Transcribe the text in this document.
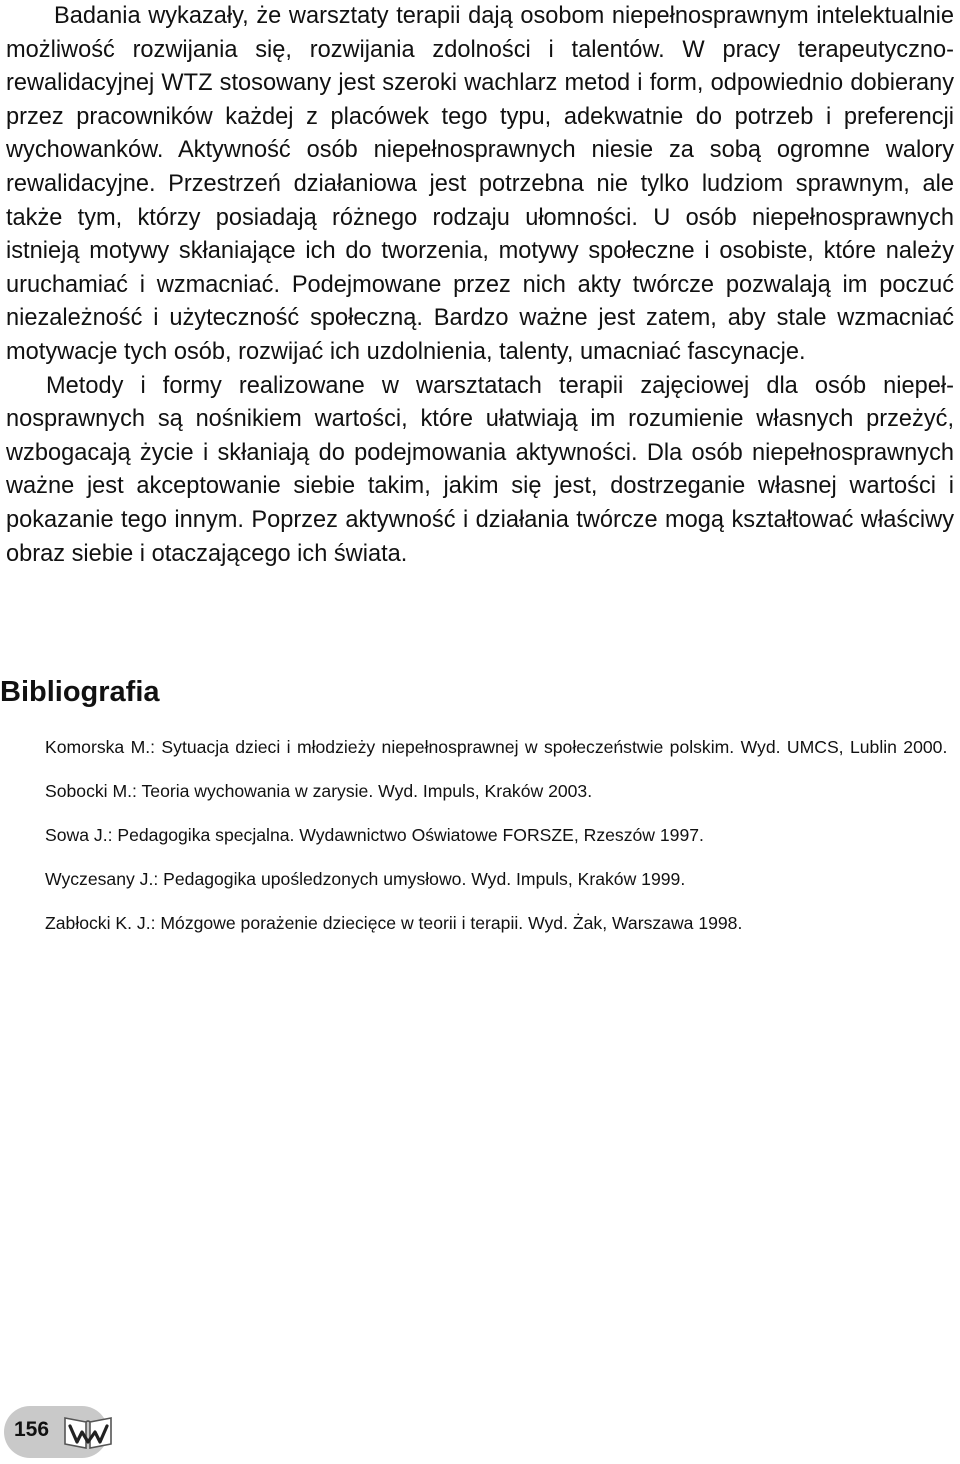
Badania wykazały, że warsztaty terapii dają osobom niepełnosprawnym intelektualnie możliwość rozwijania się, rozwijania zdolności i talentów. W pracy terapeutyczno-rewalidacyjnej WTZ stosowany jest szeroki wachlarz metod i form, odpowiednio dobierany przez pracowników każdej z placówek tego typu, adekwatnie do potrzeb i preferencji wychowanków. Aktywność osób niepełnosprawnych niesie za sobą ogromne walory rewalidacyjne. Przestrzeń działaniowa jest potrzebna nie tylko ludziom sprawnym, ale także tym, którzy posiadają różnego rodzaju ułomności. U osób niepełnosprawnych istnieją motywy skłaniające ich do tworzenia, motywy społeczne i osobiste, które należy uruchamiać i wzmacniać. Podejmowane przez nich akty twórcze pozwalają im poczuć niezależność i użyteczność społeczną. Bardzo ważne jest zatem, aby stale wzmacniać motywacje tych osób, rozwijać ich uzdolnienia, talenty, umacniać fascynacje.

Metody i formy realizowane w warsztatach terapii zajęciowej dla osób niepełnosprawnych są nośnikiem wartości, które ułatwiają im rozumienie własnych przeżyć, wzbogacają życie i skłaniają do podejmowania aktywności. Dla osób niepełnosprawnych ważne jest akceptowanie siebie takim, jakim się jest, dostrzeganie własnej wartości i pokazanie tego innym. Poprzez aktywność i działania twórcze mogą kształtować właściwy obraz siebie i otaczającego ich świata.

Bibliografia
Komorska M.: Sytuacja dzieci i młodzieży niepełnosprawnej w społeczeństwie polskim. Wyd. UMCS, Lublin 2000.
Sobocki M.: Teoria wychowania w zarysie. Wyd. Impuls, Kraków 2003.
Sowa J.: Pedagogika specjalna. Wydawnictwo Oświatowe FORSZE, Rzeszów 1997.
Wyczesany J.: Pedagogika upośledzonych umysłowo. Wyd. Impuls, Kraków 1999.
Zabłocki K. J.: Mózgowe porażenie dziecięce w teorii i terapii. Wyd. Żak, Warszawa 1998.
156
